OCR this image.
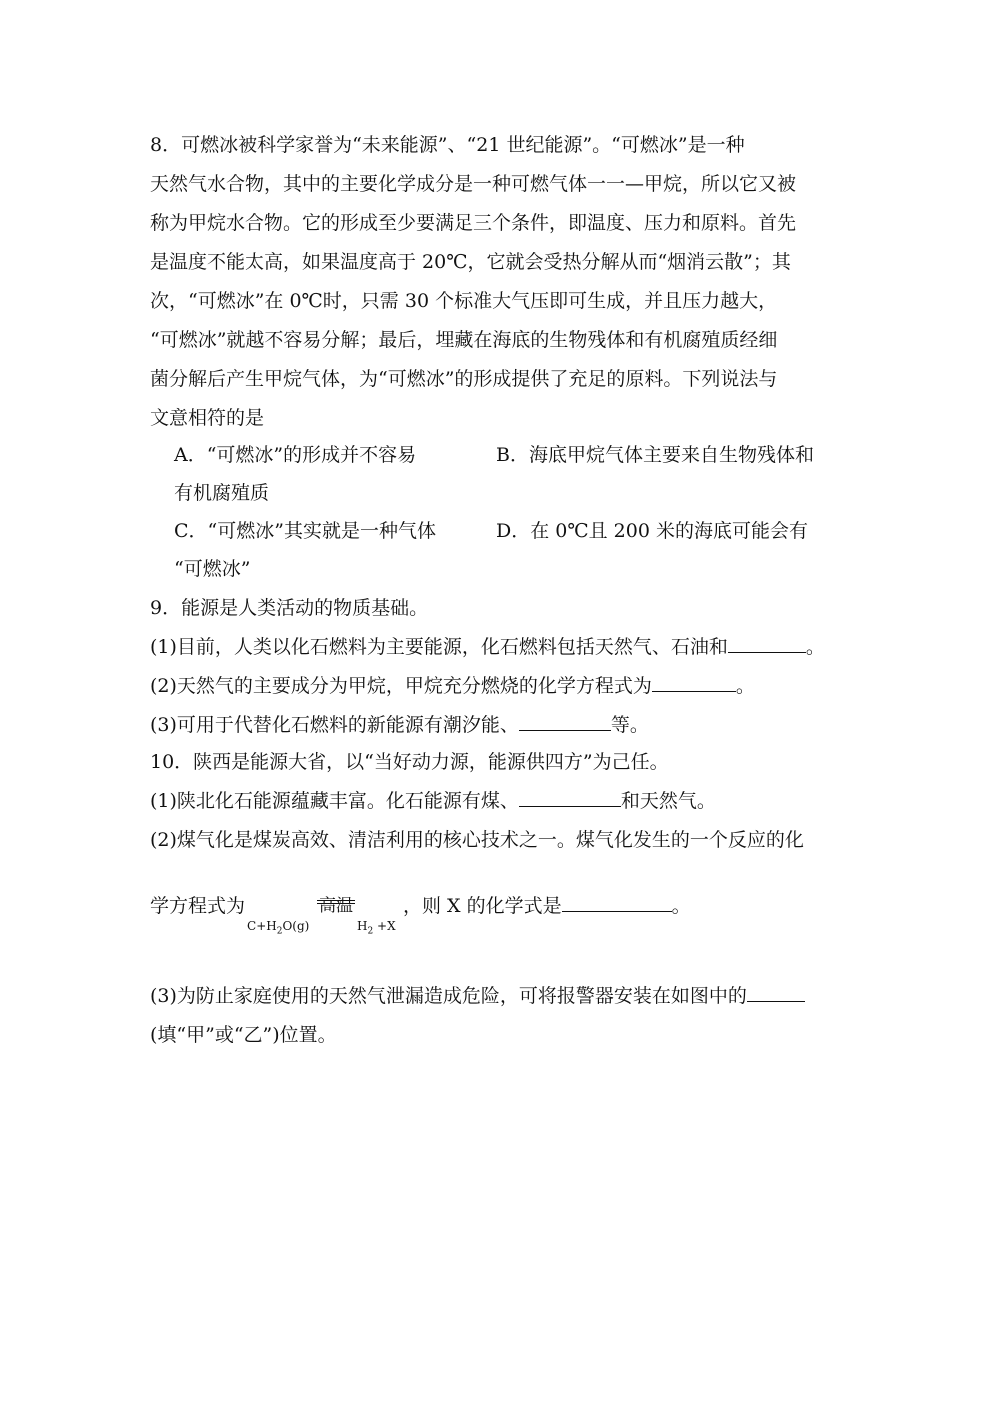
8．可燃冰被科学家誉为“未来能源”、“21 世纪能源”。“可燃冰”是一种
天然气水合物，其中的主要化学成分是一种可燃气体一一—甲烷，所以它又被
称为甲烷水合物。它的形成至少要满足三个条件，即温度、压力和原料。首先
是温度不能太高，如果温度高于 20℃，它就会受热分解从而“烟消云散”；其
次，“可燃冰”在 0℃时，只需 30 个标准大气压即可生成，并且压力越大，
“可燃冰”就越不容易分解；最后，埋藏在海底的生物残体和有机腐殖质经细
菌分解后产生甲烷气体，为“可燃冰”的形成提供了充足的原料。下列说法与
文意相符的是
A．“可燃冰”的形成并不容易	B．海底甲烷气体主要来自生物残体和
有机腐殖质
C．“可燃冰”其实就是一种气体	D．在 0℃且 200 米的海底可能会有
“可燃冰”
9．能源是人类活动的物质基础。
(1)目前，人类以化石燃料为主要能源，化石燃料包括天然气、石油和	。
(2)天然气的主要成分为甲烷，甲烷充分燃烧的化学方程式为	。
(3)可用于代替化石燃料的新能源有潮汐能、	等。
10．陕西是能源大省，以“当好动力源，能源供四方”为己任。
(1)陕北化石能源蕴藏丰富。化石能源有煤、	和天然气。
(2)煤气化是煤炭高效、清洁利用的核心技术之一。煤气化发生的一个反应的化
学方程式为
$C+H_2O(g)$
高温
$H_2 +X$
，则 X 的化学式是	。
(3)为防止家庭使用的天然气泄漏造成危险，可将报警器安装在如图中的
(填“甲”或“乙”)位置。
